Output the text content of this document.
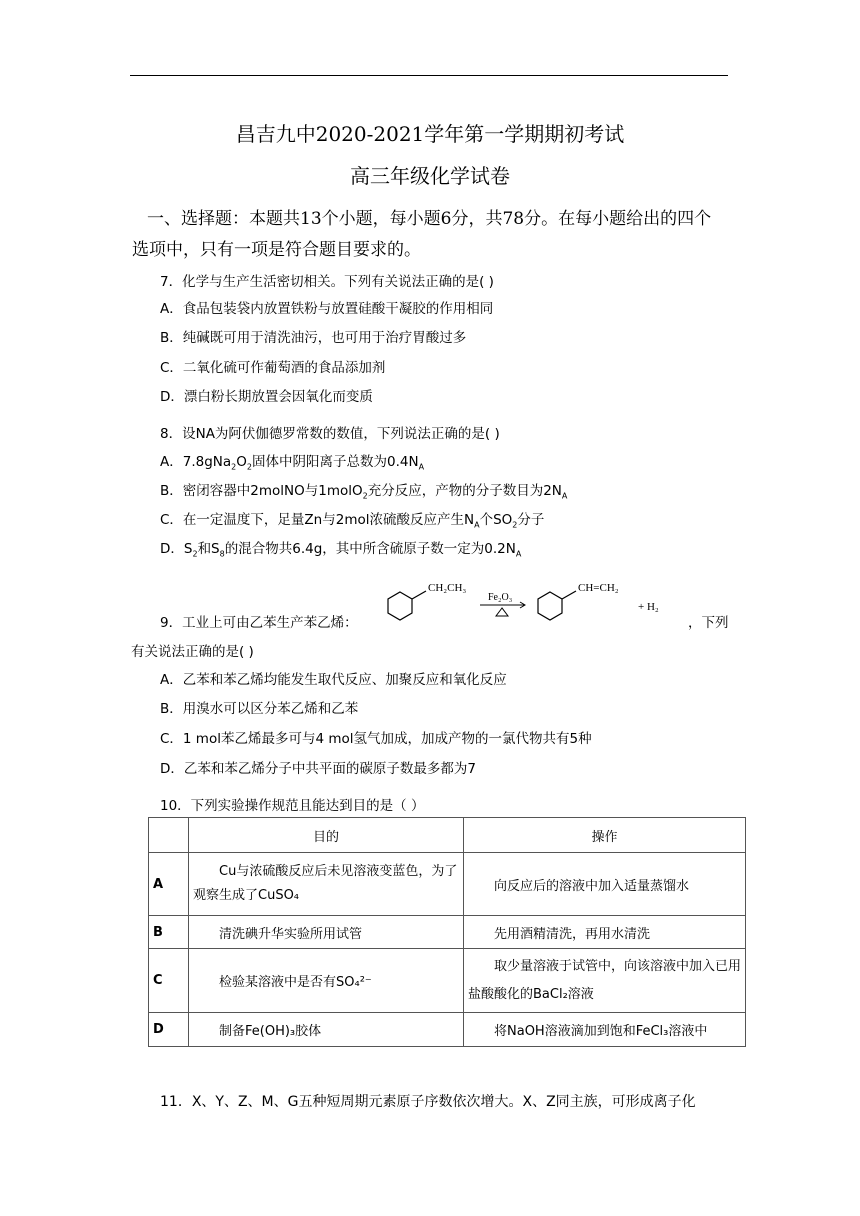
昌吉九中2020-2021学年第一学期期初考试
高三年级化学试卷
一、选择题：本题共13个小题，每小题6分，共78分。在每小题给出的四个
选项中，只有一项是符合题目要求的。
7．化学与生产生活密切相关。下列有关说法正确的是( )
A．食品包装袋内放置铁粉与放置硅酸干凝胶的作用相同
B．纯碱既可用于清洗油污，也可用于治疗胃酸过多
C．二氧化硫可作葡萄酒的食品添加剂
D．漂白粉长期放置会因氧化而变质
8．设NA为阿伏伽德罗常数的数值，下列说法正确的是( )
A．$7.8gNa_2O_2$固体中阴阳离子总数为$0.4N_A$
B．密闭容器中2molNO与1molO$_2$充分反应，产物的分子数目为$2N_A$
C．在一定温度下，足量Zn与2mol浓硫酸反应产生$N_A$个$SO_2$分子
D．$S_2$和$S_8$的混合物共6.4g，其中所含硫原子数一定为$0.2N_A$
9．工业上可由乙苯生产苯乙烯：	，下列
有关说法正确的是( )
CH₂CH₃
Fe₂O₃
CH=CH₂
+ H₂
A．乙苯和苯乙烯均能发生取代反应、加聚反应和氧化反应
B．用溴水可以区分苯乙烯和乙苯
C．1 mol苯乙烯最多可与4 mol氢气加成，加成产物的一氯代物共有5种
D．乙苯和苯乙烯分子中共平面的碳原子数最多都为7
10．下列实验操作规范且能达到目的是（ ）
	目的	操作
A	Cu与浓硫酸反应后未见溶液变蓝色，为了观察生成了CuSO₄	向反应后的溶液中加入适量蒸馏水
B	清洗碘升华实验所用试管	先用酒精清洗，再用水清洗
C	检验某溶液中是否有SO₄²⁻	取少量溶液于试管中，向该溶液中加入已用盐酸酸化的BaCl₂溶液
D	制备Fe(OH)₃胶体	将NaOH溶液滴加到饱和FeCl₃溶液中
11．X、Y、Z、M、G五种短周期元素原子序数依次增大。X、Z同主族，可形成离子化
